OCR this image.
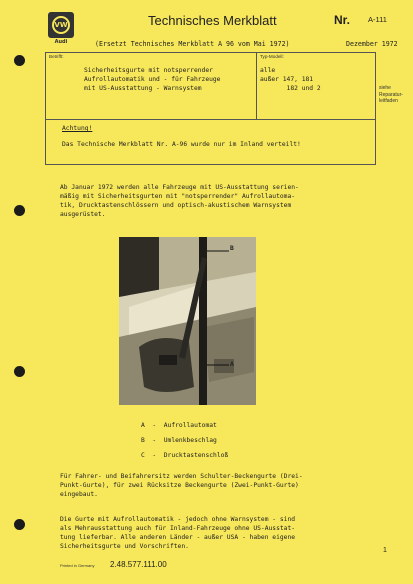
VW
Audi
Technisches Merkblatt	Nr. A-111
(Ersetzt Technisches Merkblatt A 96 vom Mai 1972)	Dezember 1972
Betrifft:
Sicherheitsgurte mit notsperrender
Aufrollautomatik und - für Fahrzeuge
mit US-Ausstattung - Warnsystem
Typ-Modell:
alle
außer 147, 181
182 und 2	siehe
Reparatur-
leitfaden
Achtung!
Das Technische Merkblatt Nr. A-96 wurde nur im Inland verteilt!
Ab Januar 1972 werden alle Fahrzeuge mit US-Ausstattung serien-
mäßig mit Sicherheitsgurten mit "notsperrender" Aufrollautoma-
tik, Drucktastenschlössern und optisch-akustischem Warnsystem
ausgerüstet.
B
A
A  -  Aufrollautomat
B  -  Umlenkbeschlag
C  -  Drucktastenschloß
Für Fahrer- und Beifahrersitz werden Schulter-Beckengurte (Drei-
Punkt-Gurte), für zwei Rücksitze Beckengurte (Zwei-Punkt-Gurte)
eingebaut.
Die Gurte mit Aufrollautomatik - jedoch ohne Warnsystem - sind
als Mehrausstattung auch für Inland-Fahrzeuge ohne US-Ausstat-
tung lieferbar. Alle anderen Länder - außer USA - haben eigene
Sicherheitsgurte und Vorschriften.
Printed in Germany 2.48.577.111.00
1
